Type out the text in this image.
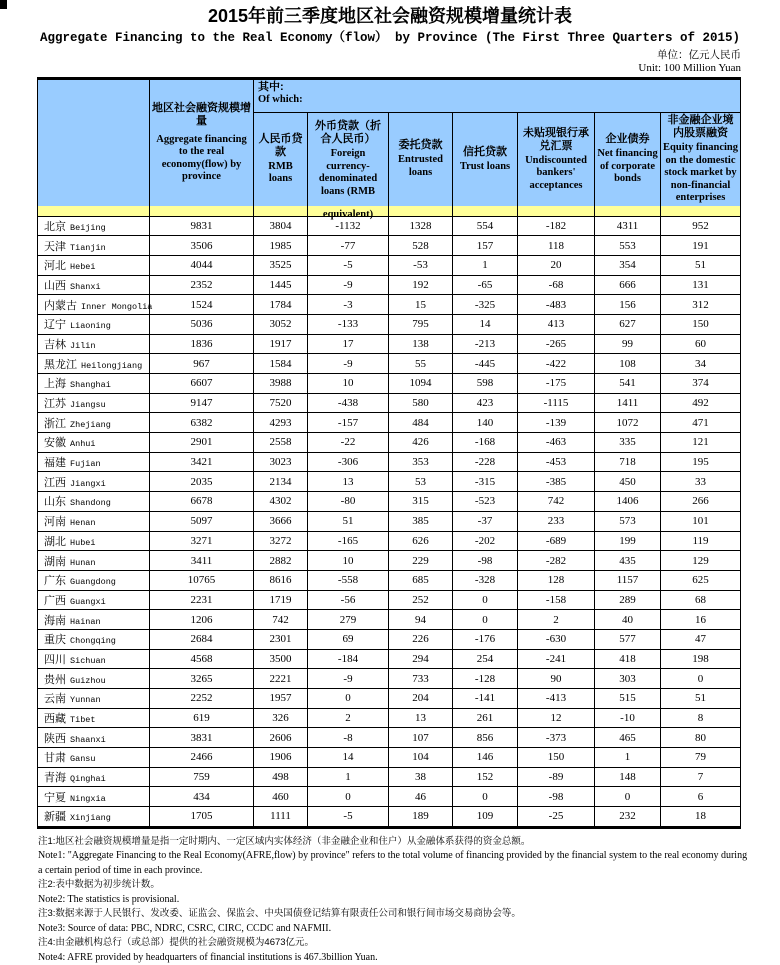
2015年前三季度地区社会融资规模增量统计表
Aggregate Financing to the Real Economy（flow） by Province (The First Three Quarters of 2015)
单位：亿元人民币
Unit: 100 Million Yuan

	地区社会融资规模增量
Aggregate financing to the real economy(flow) by province	其中:
Of which:						

		人民币贷款
RMB loans	外币贷款（折合人民币）
Foreign currency-denominated loans (RMB	委托贷款
Entrusted loans	信托贷款
Trust loans	未贴现银行承兑汇票
Undiscounted bankers' acceptances	企业债券
Net financing of corporate bonds	非金融企业境内股票融资
Equity financing on the domestic stock market by non-financial enterprises

			equivalent)					

北京 Beijing	9831	3804	-1132	1328	554	-182	4311	952
天津 Tianjin	3506	1985	-77	528	157	118	553	191
河北 Hebei	4044	3525	-5	-53	1	20	354	51
山西 Shanxi	2352	1445	-9	192	-65	-68	666	131
内蒙古 Inner Mongolia	1524	1784	-3	15	-325	-483	156	312
辽宁 Liaoning	5036	3052	-133	795	14	413	627	150
吉林 Jilin	1836	1917	17	138	-213	-265	99	60
黑龙江 Heilongjiang	967	1584	-9	55	-445	-422	108	34
上海 Shanghai	6607	3988	10	1094	598	-175	541	374
江苏 Jiangsu	9147	7520	-438	580	423	-1115	1411	492
浙江 Zhejiang	6382	4293	-157	484	140	-139	1072	471
安徽 Anhui	2901	2558	-22	426	-168	-463	335	121
福建 Fujian	3421	3023	-306	353	-228	-453	718	195
江西 Jiangxi	2035	2134	13	53	-315	-385	450	33
山东 Shandong	6678	4302	-80	315	-523	742	1406	266
河南 Henan	5097	3666	51	385	-37	233	573	101
湖北 Hubei	3271	3272	-165	626	-202	-689	199	119
湖南 Hunan	3411	2882	10	229	-98	-282	435	129
广东 Guangdong	10765	8616	-558	685	-328	128	1157	625
广西 Guangxi	2231	1719	-56	252	0	-158	289	68
海南 Hainan	1206	742	279	94	0	2	40	16
重庆 Chongqing	2684	2301	69	226	-176	-630	577	47
四川 Sichuan	4568	3500	-184	294	254	-241	418	198
贵州 Guizhou	3265	2221	-9	733	-128	90	303	0
云南 Yunnan	2252	1957	0	204	-141	-413	515	51
西藏 Tibet	619	326	2	13	261	12	-10	8
陕西 Shaanxi	3831	2606	-8	107	856	-373	465	80
甘肃 Gansu	2466	1906	14	104	146	150	1	79
青海 Qinghai	759	498	1	38	152	-89	148	7
宁夏 Ningxia	434	460	0	46	0	-98	0	6
新疆 Xinjiang	1705	1111	-5	189	109	-25	232	18
注1:地区社会融资规模增量是指一定时期内、一定区域内实体经济（非金融企业和住户）从金融体系获得的资金总额。
Note1: "Aggregate Financing to the Real Economy(AFRE,flow) by province" refers to the total volume of financing provided by the financial system to the real economy during a certain period of time in each province.
注2:表中数据为初步统计数。
Note2: The statistics is provisional.
注3:数据来源于人民银行、发改委、证监会、保监会、中央国债登记结算有限责任公司和银行间市场交易商协会等。
Note3: Source of data: PBC, NDRC, CSRC, CIRC, CCDC and NAFMII.
注4:由金融机构总行（或总部）提供的社会融资规模为4673亿元。
Note4: AFRE provided by headquarters of financial institutions is 467.3billion Yuan.
